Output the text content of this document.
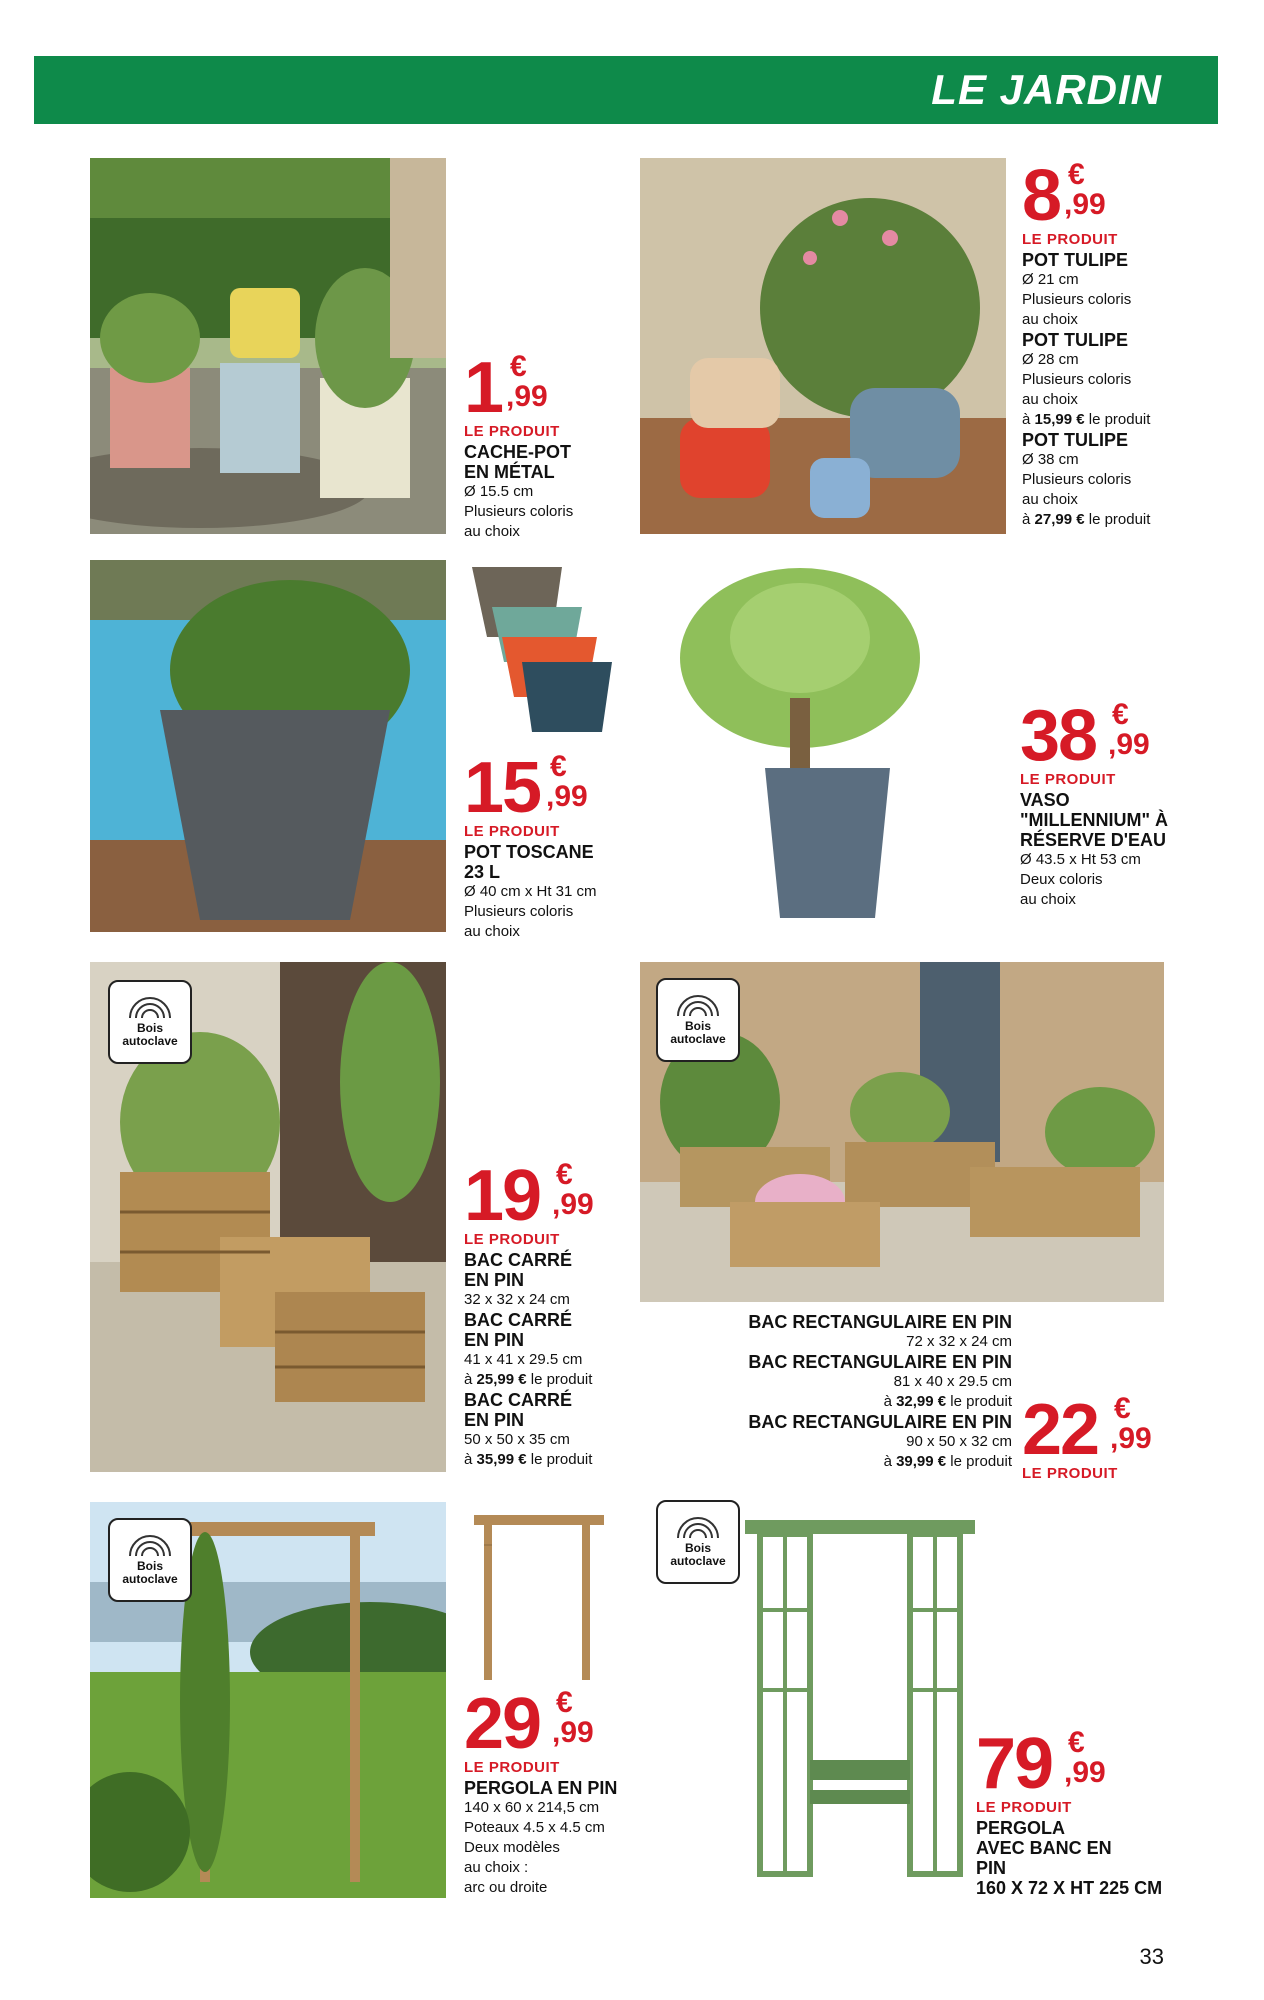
LE JARDIN
1 €
,99
LE PRODUIT
CACHE-POT EN MÉTAL
Ø 15.5 cm
Plusieurs coloris
au choix
8 €
,99
LE PRODUIT
POT TULIPE
Ø 21 cm
Plusieurs coloris
au choix
POT TULIPE
Ø 28 cm
Plusieurs coloris
au choix
à 15,99 € le produit
POT TULIPE
Ø 38 cm
Plusieurs coloris
au choix
à 27,99 € le produit
15 €
,99
LE PRODUIT
POT TOSCANE 23 L
Ø 40 cm x Ht 31 cm
Plusieurs coloris
au choix
38 €
,99
LE PRODUIT
VASO "MILLENNIUM" À RÉSERVE D'EAU
Ø 43.5 x Ht 53 cm
Deux coloris
au choix
Bois autoclave
19 €
,99
LE PRODUIT
BAC CARRÉ EN PIN
32 x 32 x 24 cm
BAC CARRÉ EN PIN
41 x 41 x 29.5 cm
à 25,99 € le produit
BAC CARRÉ EN PIN
50 x 50 x 35 cm
à 35,99 € le produit
Bois autoclave
BAC RECTANGULAIRE EN PIN
72 x 32 x 24 cm
BAC RECTANGULAIRE EN PIN
81 x 40 x 29.5 cm
à 32,99 € le produit
BAC RECTANGULAIRE EN PIN
90 x 50 x 32 cm
à 39,99 € le produit 22 €
,99
LE PRODUIT
Bois autoclave
29 €
,99
LE PRODUIT
PERGOLA EN PIN
140 x 60 x 214,5 cm
Poteaux 4.5 x 4.5 cm
Deux modèles
au choix :
arc ou droite
Bois autoclave
79 €
,99
LE PRODUIT
PERGOLA AVEC BANC EN PIN
160 X 72 X HT 225 CM
33
